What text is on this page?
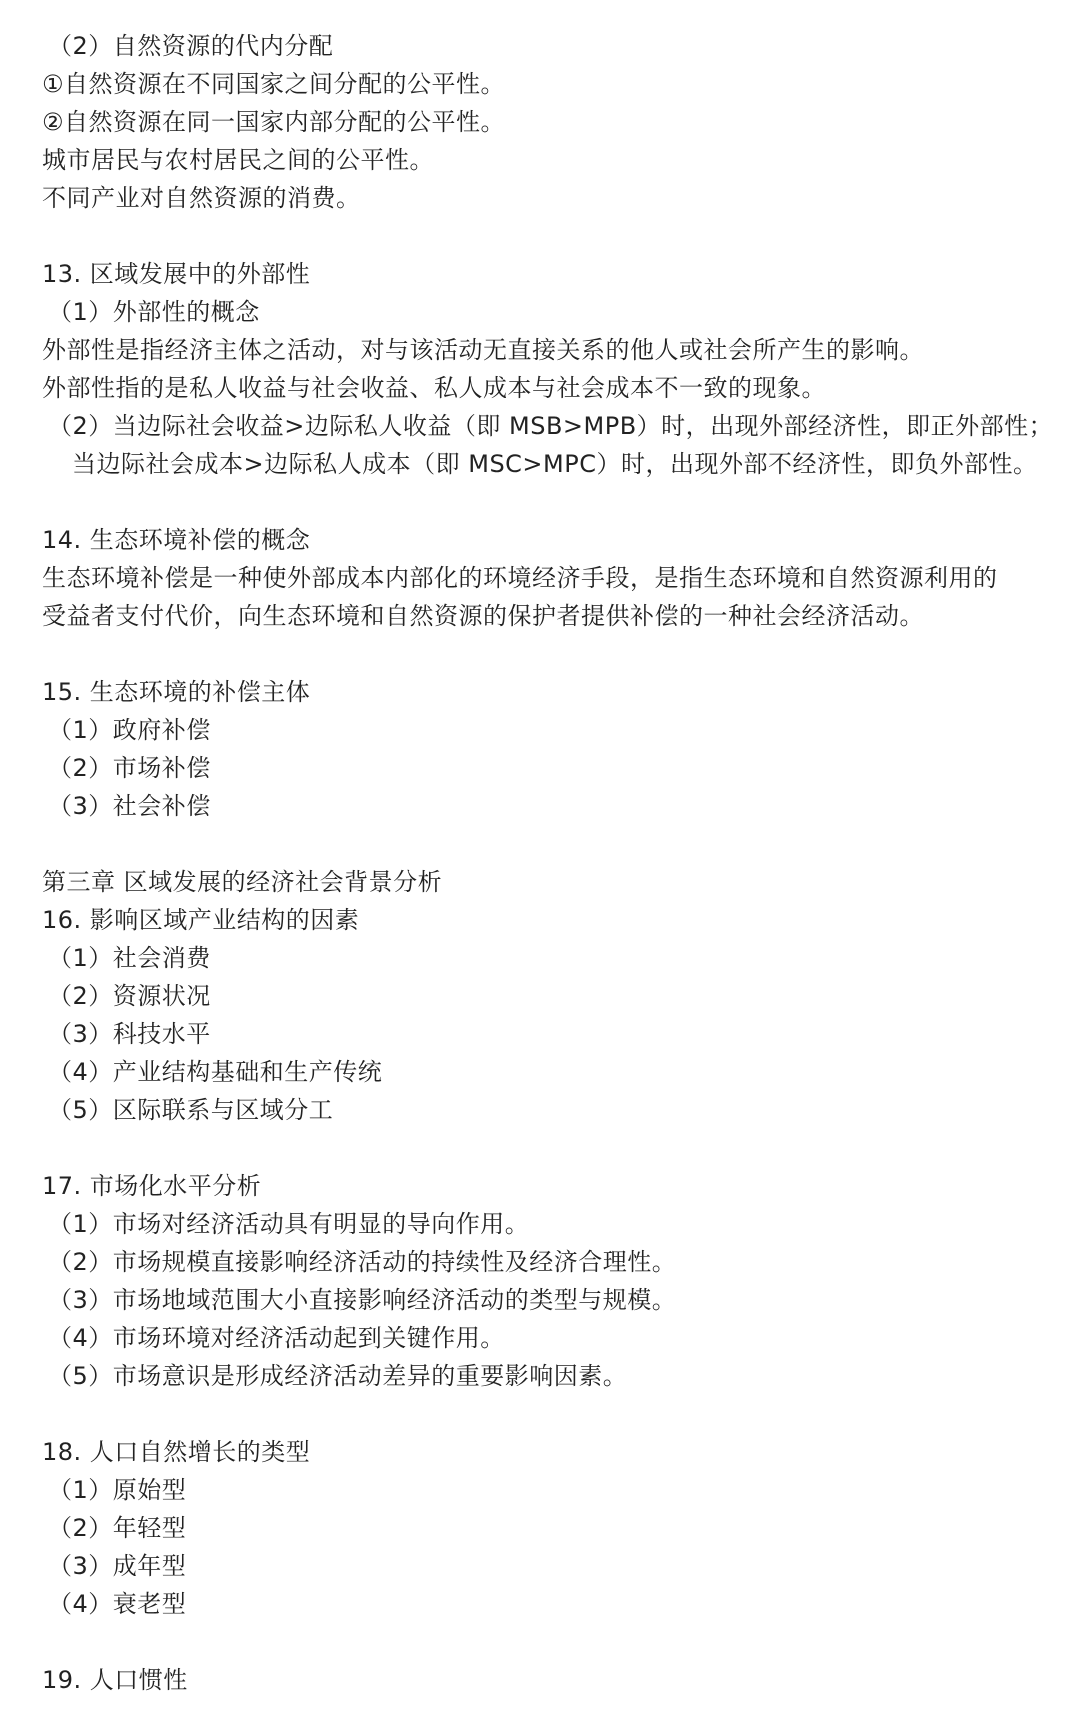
（2）自然资源的代内分配
①自然资源在不同国家之间分配的公平性。
②自然资源在同一国家内部分配的公平性。
城市居民与农村居民之间的公平性。
不同产业对自然资源的消费。
13. 区域发展中的外部性
（1）外部性的概念
外部性是指经济主体之活动，对与该活动无直接关系的他人或社会所产生的影响。
外部性指的是私人收益与社会收益、私人成本与社会成本不一致的现象。
（2）当边际社会收益>边际私人收益（即 MSB>MPB）时，出现外部经济性，即正外部性；
当边际社会成本>边际私人成本（即 MSC>MPC）时，出现外部不经济性，即负外部性。
14. 生态环境补偿的概念
生态环境补偿是一种使外部成本内部化的环境经济手段，是指生态环境和自然资源利用的
受益者支付代价，向生态环境和自然资源的保护者提供补偿的一种社会经济活动。
15. 生态环境的补偿主体
（1）政府补偿
（2）市场补偿
（3）社会补偿
第三章 区域发展的经济社会背景分析
16. 影响区域产业结构的因素
（1）社会消费
（2）资源状况
（3）科技水平
（4）产业结构基础和生产传统
（5）区际联系与区域分工
17. 市场化水平分析
（1）市场对经济活动具有明显的导向作用。
（2）市场规模直接影响经济活动的持续性及经济合理性。
（3）市场地域范围大小直接影响经济活动的类型与规模。
（4）市场环境对经济活动起到关键作用。
（5）市场意识是形成经济活动差异的重要影响因素。
18. 人口自然增长的类型
（1）原始型
（2）年轻型
（3）成年型
（4）衰老型
19. 人口惯性
